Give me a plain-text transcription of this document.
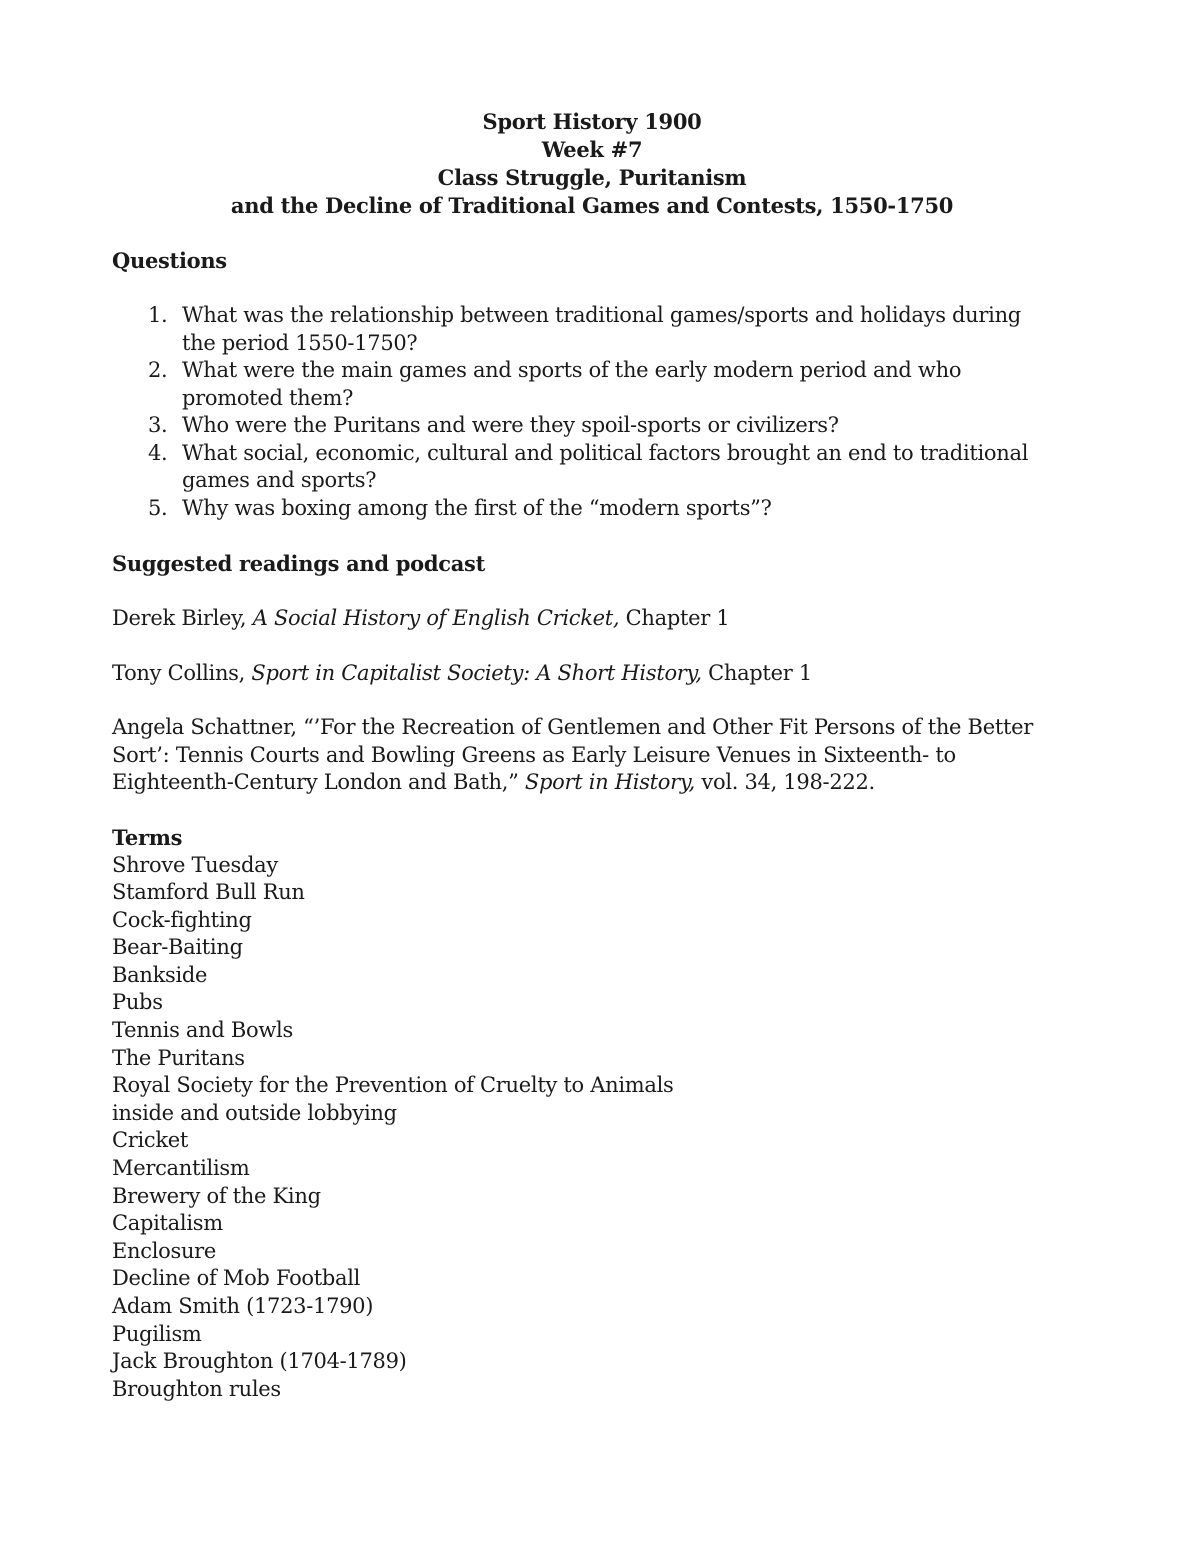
Sport History 1900
Week #7
Class Struggle, Puritanism
and the Decline of Traditional Games and Contests, 1550-1750
Questions
1. What was the relationship between traditional games/sports and holidays during the period 1550-1750?
2. What were the main games and sports of the early modern period and who promoted them?
3. Who were the Puritans and were they spoil-sports or civilizers?
4. What social, economic, cultural and political factors brought an end to traditional games and sports?
5. Why was boxing among the first of the “modern sports”?
Suggested readings and podcast
Derek Birley, A Social History of English Cricket, Chapter 1
Tony Collins, Sport in Capitalist Society: A Short History, Chapter 1
Angela Schattner, “’For the Recreation of Gentlemen and Other Fit Persons of the Better Sort’: Tennis Courts and Bowling Greens as Early Leisure Venues in Sixteenth- to Eighteenth-Century London and Bath,” Sport in History, vol. 34, 198-222.
Terms
Shrove Tuesday
Stamford Bull Run
Cock-fighting
Bear-Baiting
Bankside
Pubs
Tennis and Bowls
The Puritans
Royal Society for the Prevention of Cruelty to Animals
inside and outside lobbying
Cricket
Mercantilism
Brewery of the King
Capitalism
Enclosure
Decline of Mob Football
Adam Smith (1723-1790)
Pugilism
Jack Broughton (1704-1789)
Broughton rules
